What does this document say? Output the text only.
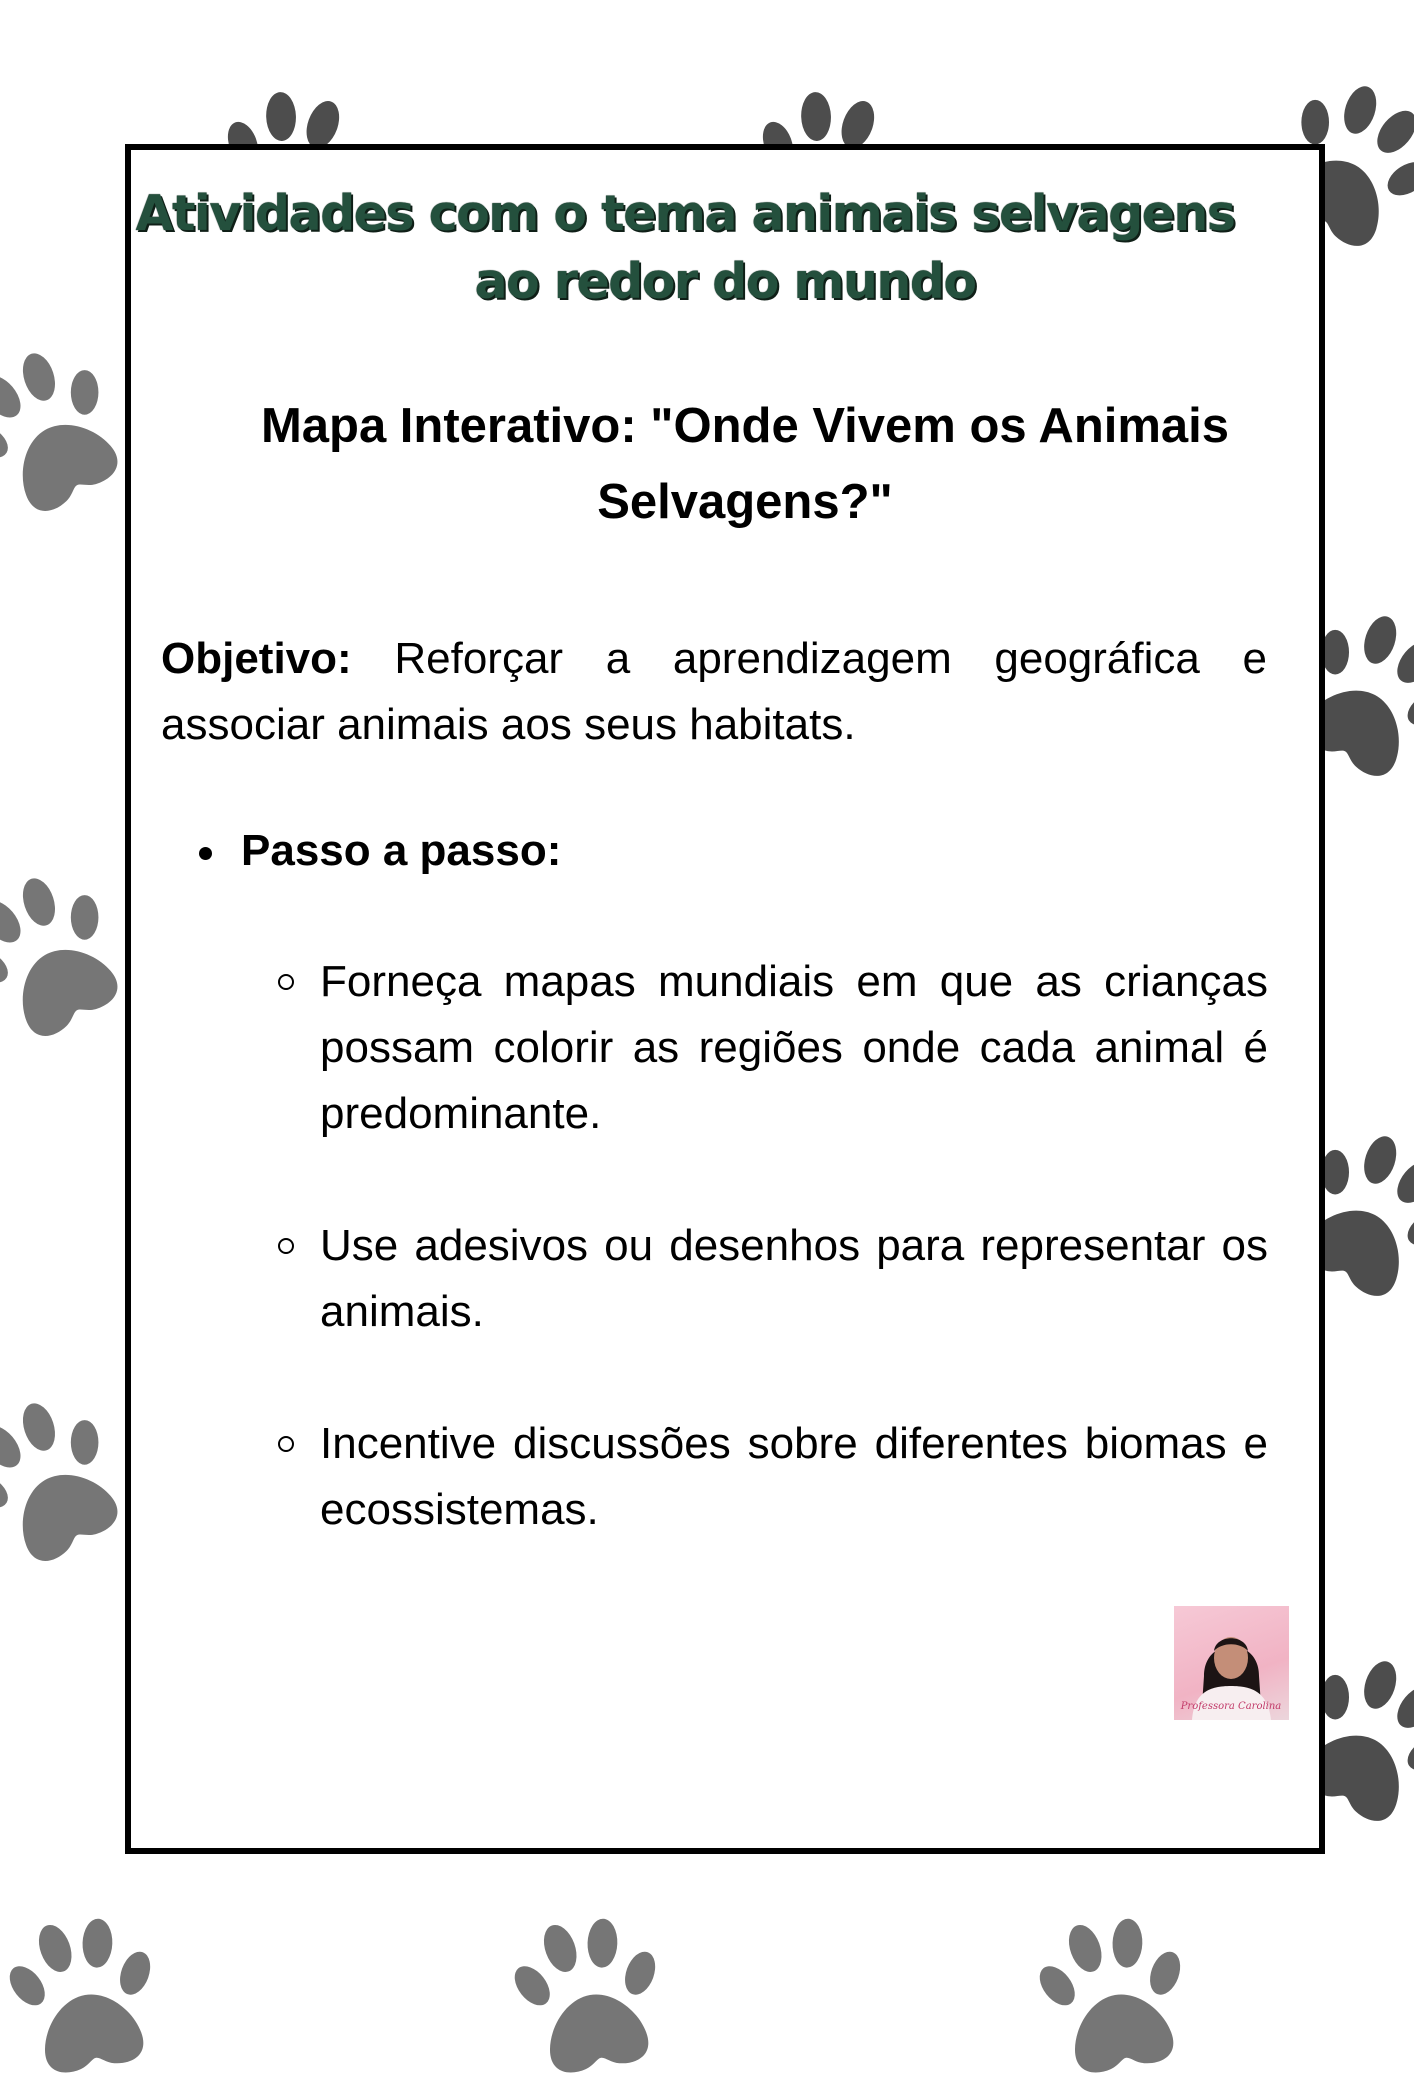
Atividades com o tema animais selvagens
ao redor do mundo
Mapa Interativo: "Onde Vivem os Animais Selvagens?"

Objetivo: Reforçar a aprendizagem geográfica e associar animais aos seus habitats.

Passo a passo:

Forneça mapas mundiais em que as crianças possam colorir as regiões onde cada animal é predominante.

Use adesivos ou desenhos para representar os animais.

Incentive discussões sobre diferentes biomas e ecossistemas.

Professora Carolina
